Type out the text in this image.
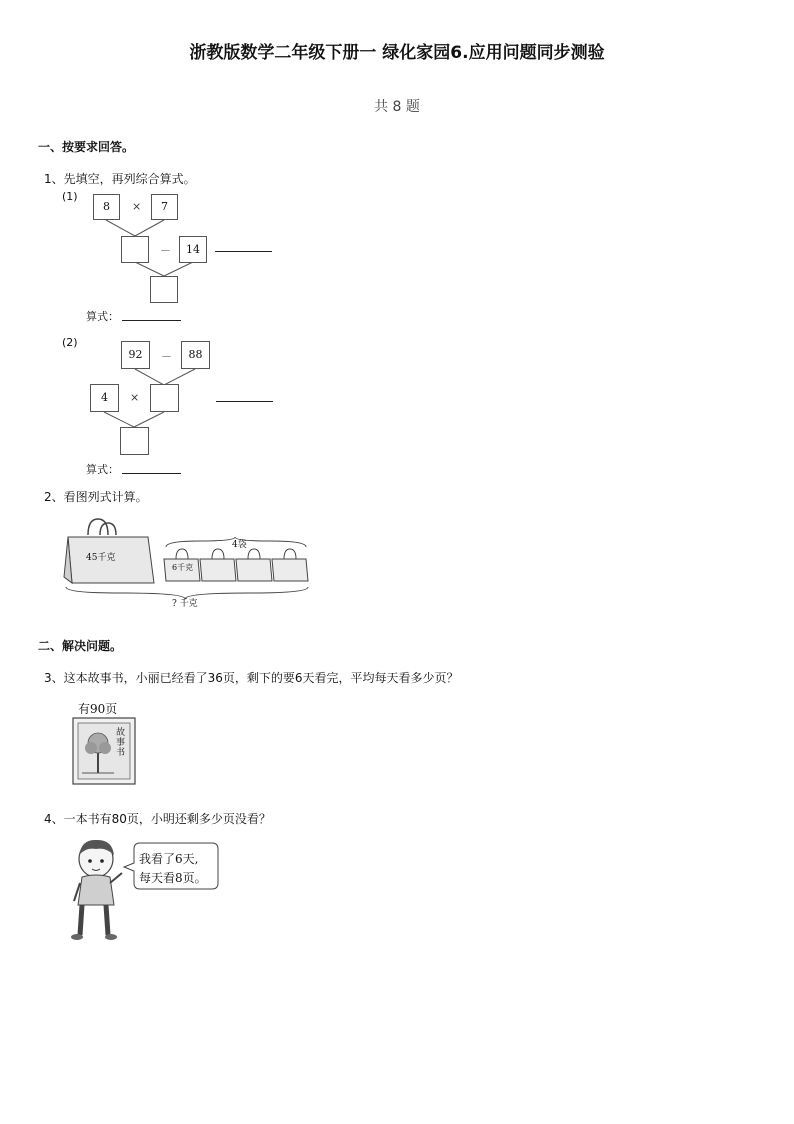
浙教版数学二年级下册一 绿化家园6.应用问题同步测验
共 8 题
一、按要求回答。
1、先填空，再列综合算式。
(1)
8	×	7
－	14
算式：
(2)
92	－	88
4	×
算式：
2、看图列式计算。
45千克
6千克
4袋
? 千克
二、解决问题。
3、这本故事书，小丽已经看了36页，剩下的要6天看完，平均每天看多少页？
有90页
故事书
4、一本书有80页，小明还剩多少页没看？
我看了6天,
每天看8页。
